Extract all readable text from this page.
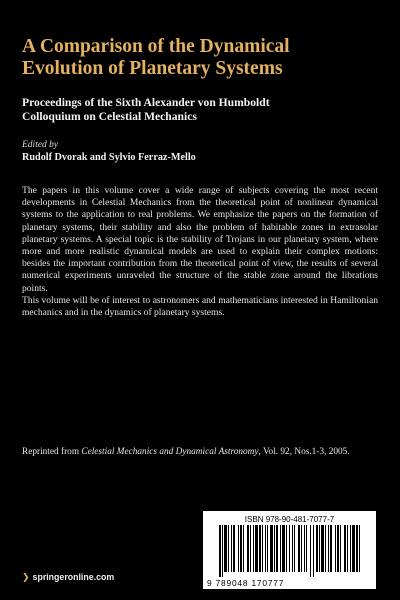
A Comparison of the Dynamical
Evolution of Planetary Systems
Proceedings of the Sixth Alexander von Humboldt
Colloquium on Celestial Mechanics
Edited by
Rudolf Dvorak and Sylvio Ferraz-Mello

The papers in this volume cover a wide range of subjects covering the most recent developments in Celestial Mechanics from the theoretical point of nonlinear dynamical systems to the application to real problems. We emphasize the papers on the formation of planetary systems, their stability and also the problem of habitable zones in extrasolar planetary systems. A special topic is the stability of Trojans in our planetary system, where more and more realistic dynamical models are used to explain their complex motions: besides the important contribution from the theoretical point of view, the results of several numerical experiments unraveled the structure of the stable zone around the librations points.

This volume will be of interest to astronomers and mathematicians interested in Hamiltonian mechanics and in the dynamics of planetary systems.

Reprinted from Celestial Mechanics and Dynamical Astronomy, Vol. 92, Nos.1-3, 2005.
ISBN 978-90-481-7077-7
9 789048 170777
❯ springeronline.com
